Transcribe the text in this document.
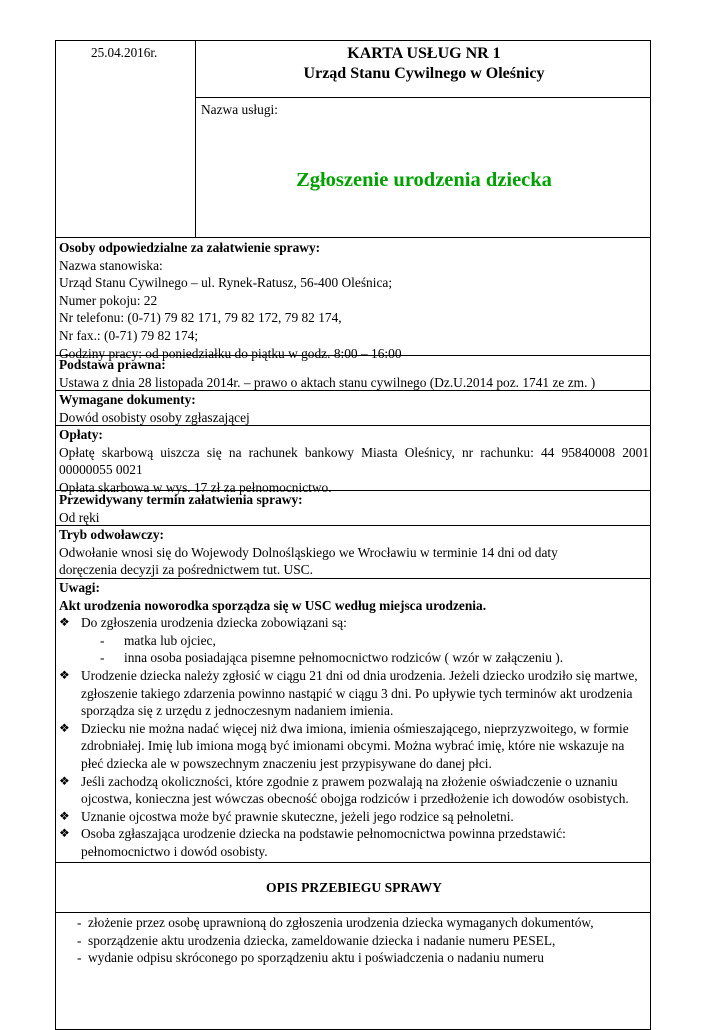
25.04.2016r.	KARTA USŁUG NR 1
Urząd Stanu Cywilnego w Oleśnicy
Nazwa usługi:
Zgłoszenie urodzenia dziecka

Osoby odpowiedzialne za załatwienie sprawy:

Nazwa stanowiska:

Urząd Stanu Cywilnego – ul. Rynek-Ratusz, 56-400 Oleśnica;

Numer pokoju: 22

Nr telefonu: (0-71) 79 82 171, 79 82 172, 79 82 174,

Nr fax.: (0-71) 79 82 174;

Godziny pracy: od poniedziałku do piątku w godz. 8:00 – 16:00

Podstawa prawna:

Ustawa z dnia 28 listopada 2014r. – prawo o aktach stanu cywilnego (Dz.U.2014 poz. 1741 ze zm. )

Wymagane dokumenty:

Dowód osobisty osoby zgłaszającej

Opłaty:

Opłatę skarbową uiszcza się na rachunek bankowy Miasta Oleśnicy, nr rachunku: 44 95840008 2001 00000055 0021

Opłata skarbowa w wys. 17 zł za pełnomocnictwo.

Przewidywany termin załatwienia sprawy:

Od ręki

Tryb odwoławczy:

Odwołanie wnosi się do Wojewody Dolnośląskiego we Wrocławiu w terminie 14 dni od daty

doręczenia decyzji za pośrednictwem tut. USC.

Uwagi:

Akt urodzenia noworodka sporządza się w USC według miejsca urodzenia.

❖ Do zgłoszenia urodzenia dziecka zobowiązani są:
- matka lub ojciec,
- inna osoba posiadająca pisemne pełnomocnictwo rodziców ( wzór w załączeniu ).
❖ Urodzenie dziecka należy zgłosić w ciągu 21 dni od dnia urodzenia. Jeżeli dziecko urodziło się martwe, zgłoszenie takiego zdarzenia powinno nastąpić w ciągu 3 dni. Po upływie tych terminów akt urodzenia sporządza się z urzędu z jednoczesnym nadaniem imienia.
❖ Dziecku nie można nadać więcej niż dwa imiona, imienia ośmieszającego, nieprzyzwoitego, w formie zdrobniałej. Imię lub imiona mogą być imionami obcymi. Można wybrać imię, które nie wskazuje na płeć dziecka ale w powszechnym znaczeniu jest przypisywane do danej płci.
❖ Jeśli zachodzą okoliczności, które zgodnie z prawem pozwalają na złożenie oświadczenie o uznaniu ojcostwa, konieczna jest wówczas obecność obojga rodziców i przedłożenie ich dowodów osobistych.
❖ Uznanie ojcostwa może być prawnie skuteczne, jeżeli jego rodzice są pełnoletni.
❖ Osoba zgłaszająca urodzenie dziecka na podstawie pełnomocnictwa powinna przedstawić: pełnomocnictwo i dowód osobisty.
OPIS PRZEBIEGU SPRAWY
- złożenie przez osobę uprawnioną do zgłoszenia urodzenia dziecka wymaganych dokumentów,
- sporządzenie aktu urodzenia dziecka, zameldowanie dziecka i nadanie numeru PESEL,
- wydanie odpisu skróconego po sporządzeniu aktu i poświadczenia o nadaniu numeru
